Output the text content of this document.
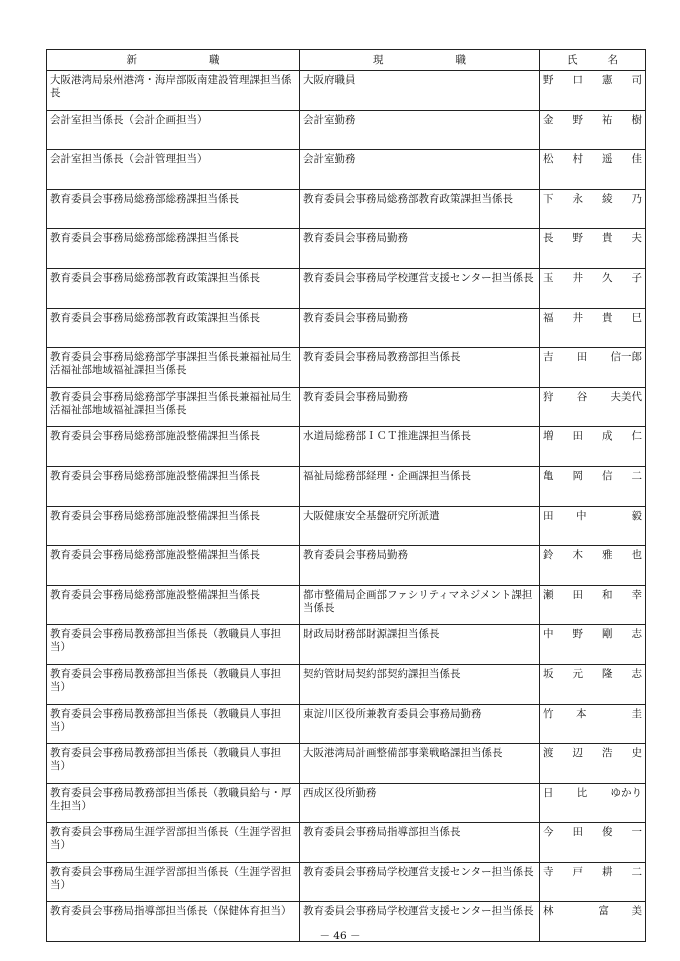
新 職	現 職	氏 名
大阪港湾局泉州港湾・海岸部阪南建設管理課担当係長	大阪府職員	野 口 憲 司

会計室担当係長（会計企画担当）	会計室勤務	金 野 祐 樹

会計室担当係長（会計管理担当）	会計室勤務	松 村 遥 佳

教育委員会事務局総務部総務課担当係長	教育委員会事務局総務部教育政策課担当係長	下 永 綾 乃

教育委員会事務局総務部総務課担当係長	教育委員会事務局勤務	長 野 貴 夫

教育委員会事務局総務部教育政策課担当係長	教育委員会事務局学校運営支援センター担当係長	玉 井 久 子

教育委員会事務局総務部教育政策課担当係長	教育委員会事務局勤務	福 井 貴 巳

教育委員会事務局総務部学事課担当係長兼福祉局生活福祉部地域福祉課担当係長	教育委員会事務局教務部担当係長	吉 田 信一郎

教育委員会事務局総務部学事課担当係長兼福祉局生活福祉部地域福祉課担当係長	教育委員会事務局勤務	狩 谷 夫美代

教育委員会事務局総務部施設整備課担当係長	水道局総務部ＩＣＴ推進課担当係長	増 田 成 仁

教育委員会事務局総務部施設整備課担当係長	福祉局総務部経理・企画課担当係長	亀 岡 信 二

教育委員会事務局総務部施設整備課担当係長	大阪健康安全基盤研究所派遣	田 中 毅

教育委員会事務局総務部施設整備課担当係長	教育委員会事務局勤務	鈴 木 雅 也

教育委員会事務局総務部施設整備課担当係長	都市整備局企画部ファシリティマネジメント課担当係長	瀬 田 和 幸

教育委員会事務局教務部担当係長（教職員人事担当）	財政局財務部財源課担当係長	中 野 剛 志

教育委員会事務局教務部担当係長（教職員人事担当）	契約管財局契約部契約課担当係長	坂 元 隆 志

教育委員会事務局教務部担当係長（教職員人事担当）	東淀川区役所兼教育委員会事務局勤務	竹 本 圭

教育委員会事務局教務部担当係長（教職員人事担当）	大阪港湾局計画整備部事業戦略課担当係長	渡 辺 浩 史

教育委員会事務局教務部担当係長（教職員給与・厚生担当）	西成区役所勤務	日 比 ゆかり

教育委員会事務局生涯学習部担当係長（生涯学習担当）	教育委員会事務局指導部担当係長	今 田 俊 一

教育委員会事務局生涯学習部担当係長（生涯学習担当）	教育委員会事務局学校運営支援センター担当係長	寺 戸 耕 二

教育委員会事務局指導部担当係長（保健体育担当）	教育委員会事務局学校運営支援センター担当係長	林 富 美
－ 46 －
